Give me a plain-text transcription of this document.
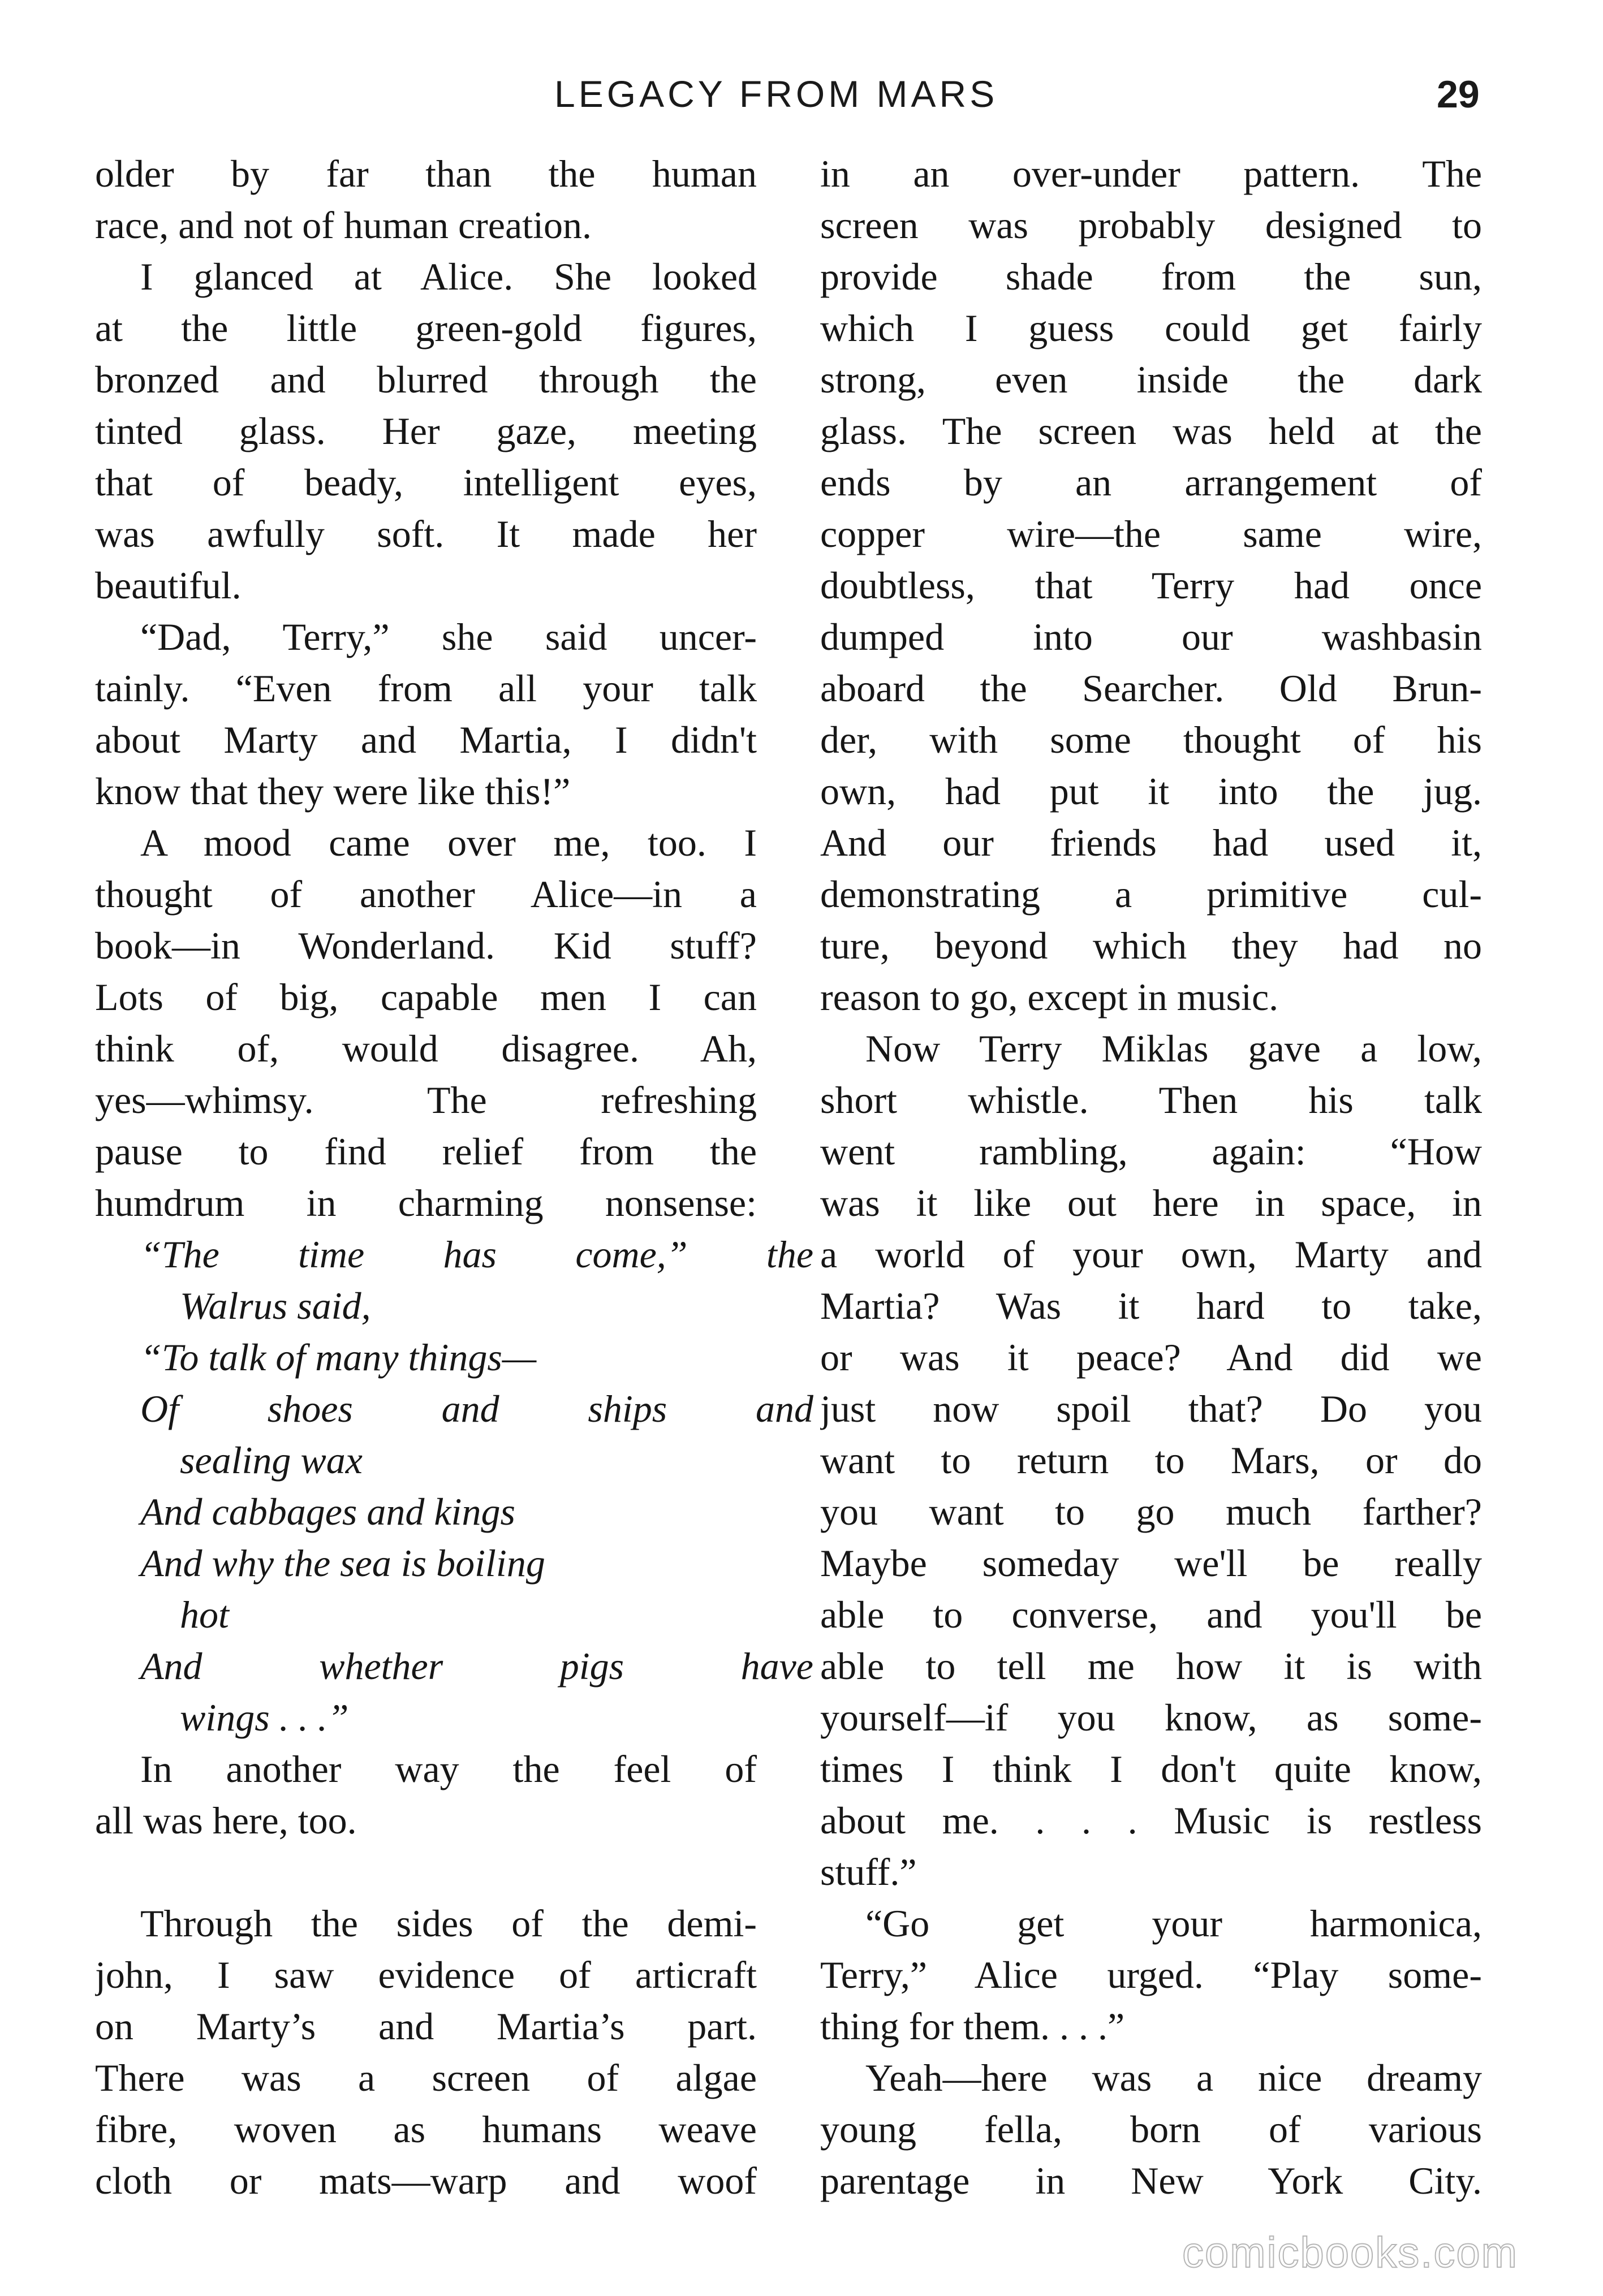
LEGACY FROM MARS	29
older by far than the human
race, and not of human creation.
I glanced at Alice. She looked
at the little green-gold figures,
bronzed and blurred through the
tinted glass. Her gaze, meeting
that of beady, intelligent eyes,
was awfully soft. It made her
beautiful.
“Dad, Terry,” she said uncer-
tainly. “Even from all your talk
about Marty and Martia, I didn't
know that they were like this!”
A mood came over me, too. I
thought of another Alice—in a
book—in Wonderland. Kid stuff?
Lots of big, capable men I can
think of, would disagree. Ah,
yes—whimsy. The refreshing
pause to find relief from the
humdrum in charming nonsense:
“The time has come,” the
Walrus said,
“To talk of many things—
Of shoes and ships and
sealing wax
And cabbages and kings
And why the sea is boiling
hot
And whether pigs have
wings . . .”
In another way the feel of
all was here, too.
Through the sides of the demi-
john, I saw evidence of articraft
on Marty’s and Martia’s part.
There was a screen of algae
fibre, woven as humans weave
cloth or mats—warp and woof
in an over-under pattern. The
screen was probably designed to
provide shade from the sun,
which I guess could get fairly
strong, even inside the dark
glass. The screen was held at the
ends by an arrangement of
copper wire—the same wire,
doubtless, that Terry had once
dumped into our washbasin
aboard the Searcher. Old Brun-
der, with some thought of his
own, had put it into the jug.
And our friends had used it,
demonstrating a primitive cul-
ture, beyond which they had no
reason to go, except in music.
Now Terry Miklas gave a low,
short whistle. Then his talk
went rambling, again: “How
was it like out here in space, in
a world of your own, Marty and
Martia? Was it hard to take,
or was it peace? And did we
just now spoil that? Do you
want to return to Mars, or do
you want to go much farther?
Maybe someday we'll be really
able to converse, and you'll be
able to tell me how it is with
yourself—if you know, as some-
times I think I don't quite know,
about me. . . . Music is restless
stuff.”
“Go get your harmonica,
Terry,” Alice urged. “Play some-
thing for them. . . .”
Yeah—here was a nice dreamy
young fella, born of various
parentage in New York City.
comicbooks.com
